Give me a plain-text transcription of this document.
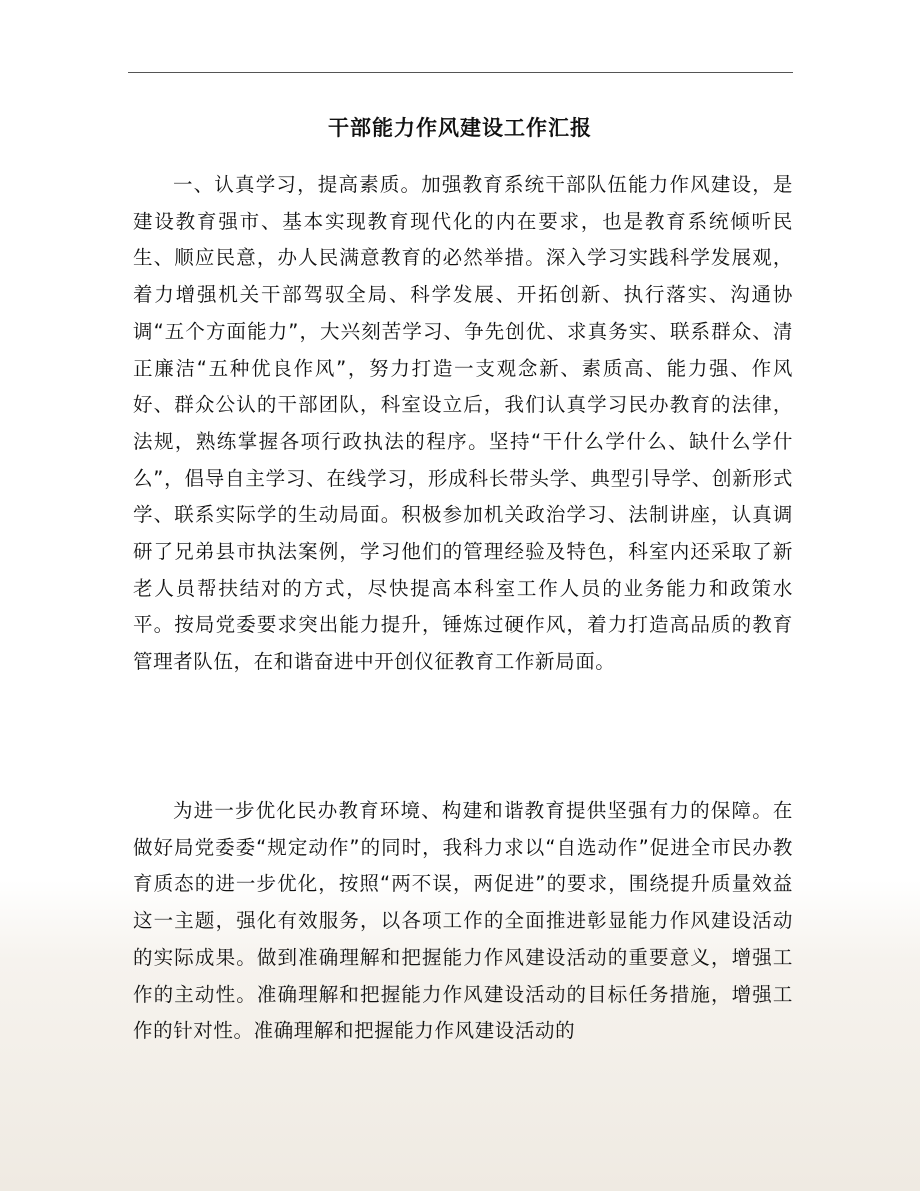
干部能力作风建设工作汇报

一、认真学习，提高素质。加强教育系统干部队伍能力作风建设，是建设教育强市、基本实现教育现代化的内在要求，也是教育系统倾听民生、顺应民意，办人民满意教育的必然举措。深入学习实践科学发展观，着力增强机关干部驾驭全局、科学发展、开拓创新、执行落实、沟通协调“五个方面能力”，大兴刻苦学习、争先创优、求真务实、联系群众、清正廉洁“五种优良作风”，努力打造一支观念新、素质高、能力强、作风好、群众公认的干部团队，科室设立后，我们认真学习民办教育的法律，法规，熟练掌握各项行政执法的程序。坚持“干什么学什么、缺什么学什么”，倡导自主学习、在线学习，形成科长带头学、典型引导学、创新形式学、联系实际学的生动局面。积极参加机关政治学习、法制讲座，认真调研了兄弟县市执法案例，学习他们的管理经验及特色，科室内还采取了新老人员帮扶结对的方式，尽快提高本科室工作人员的业务能力和政策水平。按局党委要求突出能力提升，锤炼过硬作风，着力打造高品质的教育管理者队伍，在和谐奋进中开创仪征教育工作新局面。

为进一步优化民办教育环境、构建和谐教育提供坚强有力的保障。在做好局党委委“规定动作”的同时，我科力求以“自选动作”促进全市民办教育质态的进一步优化，按照“两不误，两促进”的要求，围绕提升质量效益这一主题，强化有效服务，以各项工作的全面推进彰显能力作风建设活动的实际成果。做到准确理解和把握能力作风建设活动的重要意义，增强工作的主动性。准确理解和把握能力作风建设活动的目标任务措施，增强工作的针对性。准确理解和把握能力作风建设活动的
